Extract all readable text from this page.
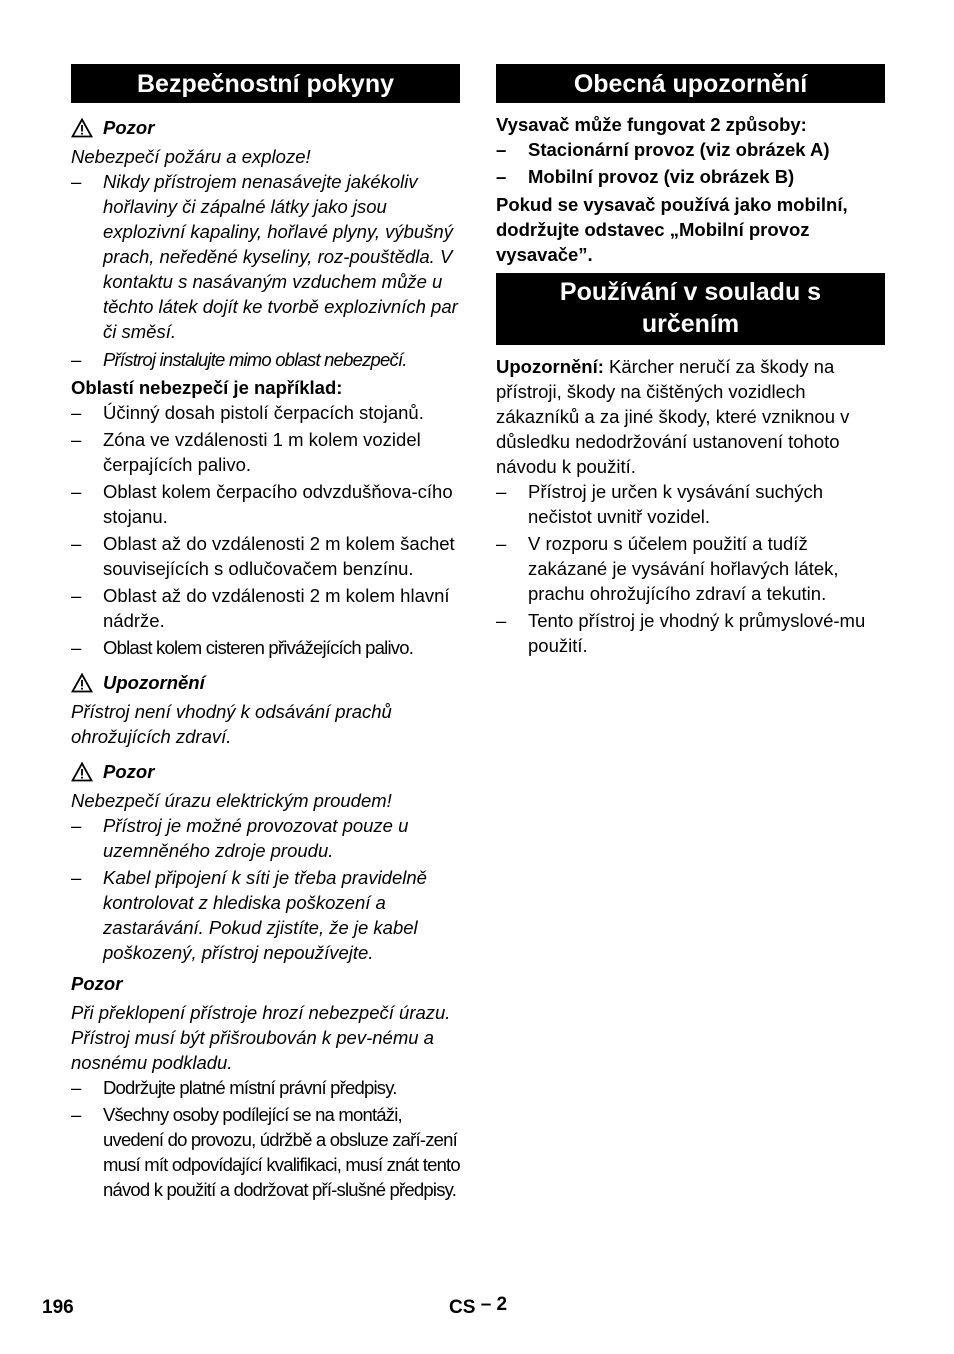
Bezpečnostní pokyny
Pozor

Nebezpečí požáru a exploze!

– Nikdy přístrojem nenasávejte jakékoliv hořlaviny či zápalné látky jako jsou explozivní kapaliny, hořlavé plyny, výbušný prach, neředěné kyseliny, roz-pouštědla. V kontaktu s nasávaným vzduchem může u těchto látek dojít ke tvorbě explozivních par či směsí.
– Přístroj instalujte mimo oblast nebezpečí.

Oblastí nebezpečí je například:

– Účinný dosah pistolí čerpacích stojanů.
– Zóna ve vzdálenosti 1 m kolem vozidel čerpajících palivo.
– Oblast kolem čerpacího odvzdušňova-cího stojanu.
– Oblast až do vzdálenosti 2 m kolem šachet souvisejících s odlučovačem benzínu.
– Oblast až do vzdálenosti 2 m kolem hlavní nádrže.
– Oblast kolem cisteren přivážejících palivo.
Upozornění

Přístroj není vhodný k odsávání prachů ohrožujících zdraví.

Pozor

Nebezpečí úrazu elektrickým proudem!

– Přístroj je možné provozovat pouze u uzemněného zdroje proudu.
– Kabel připojení k síti je třeba pravidelně kontrolovat z hlediska poškození a zastarávání. Pokud zjistíte, že je kabel poškozený, přístroj nepoužívejte.

Pozor

Při překlopení přístroje hrozí nebezpečí úrazu. Přístroj musí být přišroubován k pev-nému a nosnému podkladu.

– Dodržujte platné místní právní předpisy.
– Všechny osoby podílející se na montáži, uvedení do provozu, údržbě a obsluze zaří-zení musí mít odpovídající kvalifikaci, musí znát tento návod k použití a dodržovat pří-slušné předpisy.
Obecná upozornění

Vysavač může fungovat 2 způsoby:

– Stacionární provoz (viz obrázek A)
– Mobilní provoz (viz obrázek B)

Pokud se vysavač používá jako mobilní, dodržujte odstavec „Mobilní provoz vysavače”.

Používání v souladu s
určením

Upozornění: Kärcher neručí za škody na přístroji, škody na čištěných vozidlech zákazníků a za jiné škody, které vzniknou v důsledku nedodržování ustanovení tohoto návodu k použití.

– Přístroj je určen k vysávání suchých nečistot uvnitř vozidel.
– V rozporu s účelem použití a tudíž zakázané je vysávání hořlavých látek, prachu ohrožujícího zdraví a tekutin.
– Tento přístroj je vhodný k průmyslové-mu použití.
196	CS – 2
